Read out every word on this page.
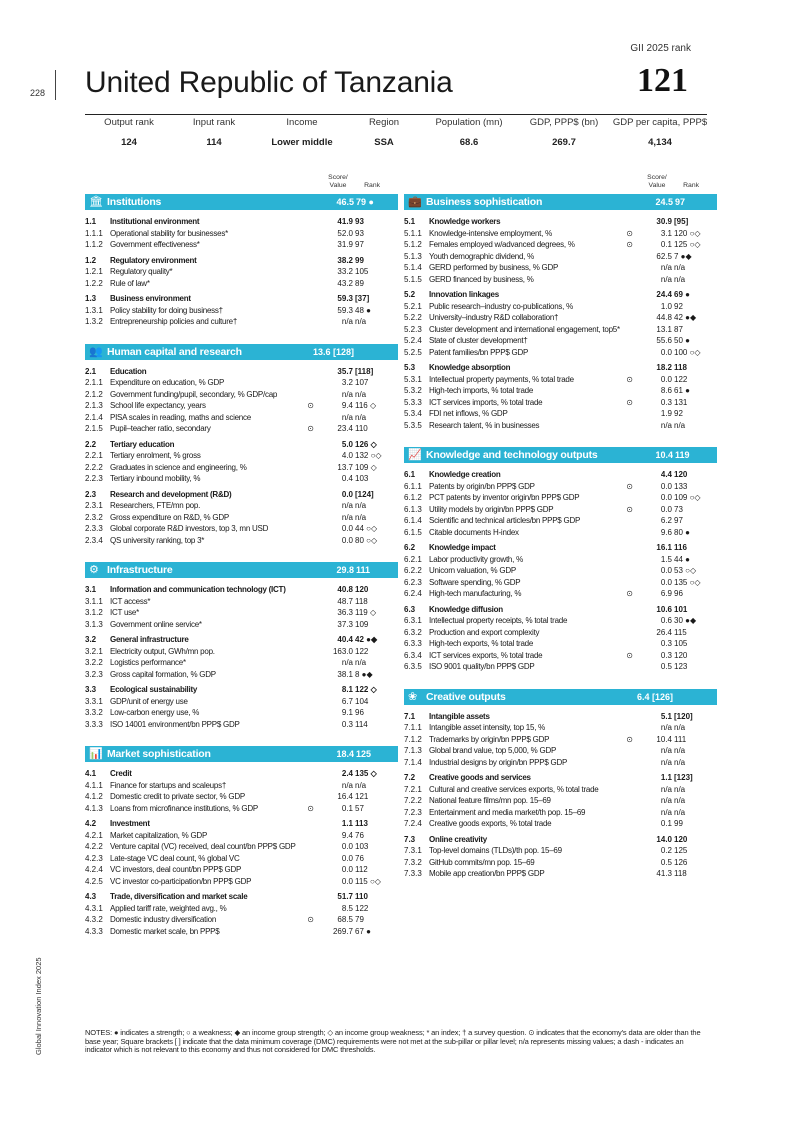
228 United Republic of Tanzania
GII 2025 rank
121
Output rank
124
Input rank
114
Income
Lower middle
Region
SSA
Population (mn)
68.6
GDP, PPP$ (bn)
269.7
GDP per capita, PPP$
4,134
Score/
Value	Rank
🏛 Institutions	46.5 79 ●
1.1	Institutional environment	41.9 93
1.1.1 Operational stability for businesses*	52.0 93
1.1.2 Government effectiveness*	31.9 97
1.2	Regulatory environment	38.2 99
1.2.1 Regulatory quality*	33.2 105
1.2.2 Rule of law*	43.2 89
1.3	Business environment	59.3 [37]
1.3.1 Policy stability for doing business†	59.3 48 ●
1.3.2 Entrepreneurship policies and culture†	n/a n/a
👥 Human capital and research	13.6 [128]
2.1	Education	35.7 [118]
2.1.1 Expenditure on education, % GDP	3.2 107
2.1.2 Government funding/pupil, secondary, % GDP/cap	n/a n/a
2.1.3 School life expectancy, years	⊙	9.4 116 ◇
2.1.4 PISA scales in reading, maths and science	n/a n/a
2.1.5 Pupil–teacher ratio, secondary	⊙	23.4 110
2.2	Tertiary education	5.0 126 ◇
2.2.1 Tertiary enrolment, % gross	4.0 132 ○◇
2.2.2 Graduates in science and engineering, %	13.7 109 ◇
2.2.3 Tertiary inbound mobility, %	0.4 103
2.3	Research and development (R&D)	0.0 [124]
2.3.1 Researchers, FTE/mn pop.	n/a n/a
2.3.2 Gross expenditure on R&D, % GDP	n/a n/a
2.3.3 Global corporate R&D investors, top 3, mn USD	0.0 44 ○◇
2.3.4 QS university ranking, top 3*	0.0 80 ○◇
⚙ Infrastructure	29.8 111
3.1	Information and communication technology (ICT)	40.8 120
3.1.1 ICT access*	48.7 118
3.1.2 ICT use*	36.3 119 ◇
3.1.3 Government online service*	37.3 109
3.2	General infrastructure	40.4 42 ●◆
3.2.1 Electricity output, GWh/mn pop.	163.0 122
3.2.2 Logistics performance*	n/a n/a
3.2.3 Gross capital formation, % GDP	38.1 8 ●◆
3.3	Ecological sustainability	8.1 122 ◇
3.3.1 GDP/unit of energy use	6.7 104
3.3.2 Low-carbon energy use, %	9.1 96
3.3.3 ISO 14001 environment/bn PPP$ GDP	0.3 114
📊 Market sophistication	18.4 125
4.1	Credit	2.4 135 ◇
4.1.1 Finance for startups and scaleups†	n/a n/a
4.1.2 Domestic credit to private sector, % GDP	16.4 121
4.1.3 Loans from microfinance institutions, % GDP	⊙	0.1 57
4.2	Investment	1.1 113
4.2.1 Market capitalization, % GDP	9.4 76
4.2.2 Venture capital (VC) received, deal count/bn PPP$ GDP	0.0 103
4.2.3 Late-stage VC deal count, % global VC	0.0 76
4.2.4 VC investors, deal count/bn PPP$ GDP	0.0 112
4.2.5 VC investor co-participation/bn PPP$ GDP	0.0 115 ○◇
4.3	Trade, diversification and market scale	51.7 110
4.3.1 Applied tariff rate, weighted avg., %	8.5 122
4.3.2 Domestic industry diversification	⊙	68.5 79
4.3.3 Domestic market scale, bn PPP$	269.7 67 ●
Score/
Value	Rank
💼 Business sophistication	24.5 97
5.1	Knowledge workers	30.9 [95]
5.1.1 Knowledge-intensive employment, %	⊙	3.1 120 ○◇
5.1.2 Females employed w/advanced degrees, %	⊙	0.1 125 ○◇
5.1.3 Youth demographic dividend, %	62.5 7 ●◆
5.1.4 GERD performed by business, % GDP	n/a n/a
5.1.5 GERD financed by business, %	n/a n/a
5.2	Innovation linkages	24.4 69 ●
5.2.1 Public research–industry co-publications, %	1.0 92
5.2.2 University–industry R&D collaboration†	44.8 42 ●◆
5.2.3 Cluster development and international engagement, top5*	13.1 87
5.2.4 State of cluster development†	55.6 50 ●
5.2.5 Patent families/bn PPP$ GDP	0.0 100 ○◇
5.3	Knowledge absorption	18.2 118
5.3.1 Intellectual property payments, % total trade	⊙	0.0 122
5.3.2 High-tech imports, % total trade	8.6 61 ●
5.3.3 ICT services imports, % total trade	⊙	0.3 131
5.3.4 FDI net inflows, % GDP	1.9 92
5.3.5 Research talent, % in businesses	n/a n/a
📈 Knowledge and technology outputs	10.4 119
6.1	Knowledge creation	4.4 120
6.1.1 Patents by origin/bn PPP$ GDP	⊙	0.0 133
6.1.2 PCT patents by inventor origin/bn PPP$ GDP	0.0 109 ○◇
6.1.3 Utility models by origin/bn PPP$ GDP	⊙	0.0 73
6.1.4 Scientific and technical articles/bn PPP$ GDP	6.2 97
6.1.5 Citable documents H-index	9.6 80 ●
6.2	Knowledge impact	16.1 116
6.2.1 Labor productivity growth, %	1.5 44 ●
6.2.2 Unicorn valuation, % GDP	0.0 53 ○◇
6.2.3 Software spending, % GDP	0.0 135 ○◇
6.2.4 High-tech manufacturing, %	⊙	6.9 96
6.3	Knowledge diffusion	10.6 101
6.3.1 Intellectual property receipts, % total trade	0.6 30 ●◆
6.3.2 Production and export complexity	26.4 115
6.3.3 High-tech exports, % total trade	0.3 105
6.3.4 ICT services exports, % total trade	⊙	0.3 120
6.3.5 ISO 9001 quality/bn PPP$ GDP	0.5 123
❀ Creative outputs	6.4 [126]
7.1	Intangible assets	5.1 [120]
7.1.1 Intangible asset intensity, top 15, %	n/a n/a
7.1.2 Trademarks by origin/bn PPP$ GDP	⊙	10.4 111
7.1.3 Global brand value, top 5,000, % GDP	n/a n/a
7.1.4 Industrial designs by origin/bn PPP$ GDP	n/a n/a
7.2	Creative goods and services	1.1 [123]
7.2.1 Cultural and creative services exports, % total trade	n/a n/a
7.2.2 National feature films/mn pop. 15–69	n/a n/a
7.2.3 Entertainment and media market/th pop. 15–69	n/a n/a
7.2.4 Creative goods exports, % total trade	0.1 99
7.3	Online creativity	14.0 120
7.3.1 Top-level domains (TLDs)/th pop. 15–69	0.2 125
7.3.2 GitHub commits/mn pop. 15–69	0.5 126
7.3.3 Mobile app creation/bn PPP$ GDP	41.3 118
NOTES: ● indicates a strength; ○ a weakness; ◆ an income group strength; ◇ an income group weakness; * an index; † a survey question. ⊙ indicates that the economy's data are older than the base year; Square brackets [ ] indicate that the data minimum coverage (DMC) requirements were not met at the sub-pillar or pillar level; n/a represents missing values; a dash - indicates an indicator which is not relevant to this economy and thus not considered for DMC thresholds.
Global Innovation Index 2025
